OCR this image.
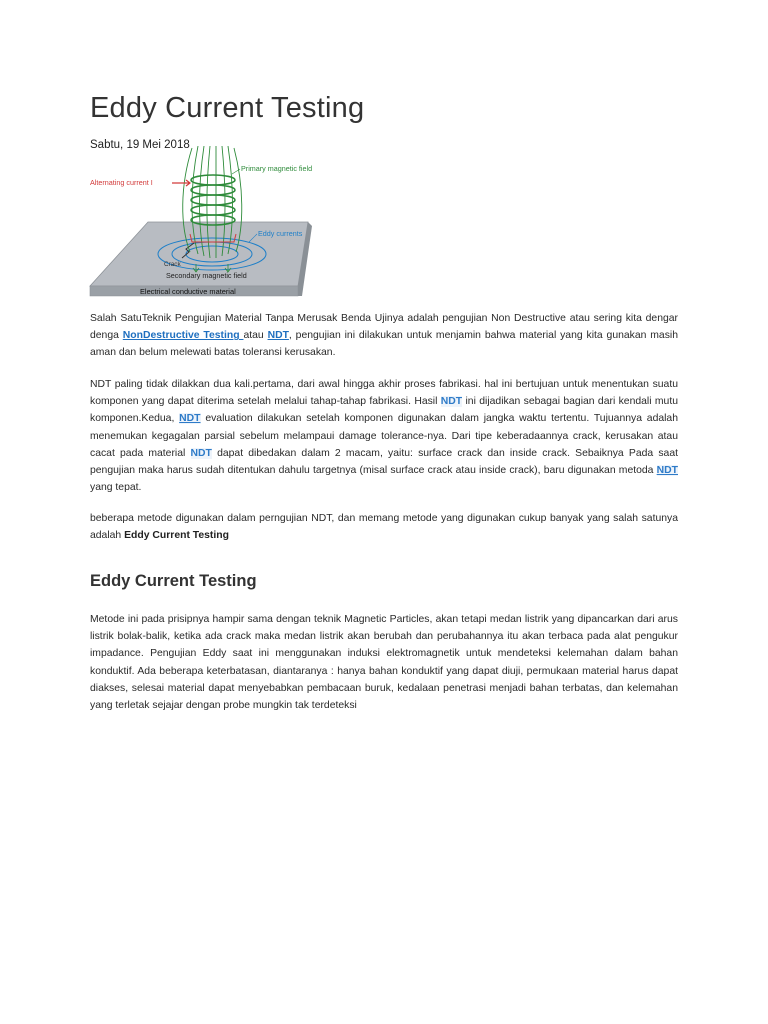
Eddy Current Testing
Sabtu, 19 Mei 2018
Alternating current I
Primary magnetic field
Eddy currents
Crack
Secondary magnetic field
Electrical conductive material

Salah SatuTeknik Pengujian Material Tanpa Merusak Benda Ujinya adalah pengujian Non Destructive atau sering kita dengar denga NonDestructive Testing atau NDT, pengujian ini dilakukan untuk menjamin bahwa material yang kita gunakan masih aman dan belum melewati batas toleransi kerusakan.

NDT paling tidak dilakkan dua kali.pertama, dari awal hingga akhir proses fabrikasi. hal ini bertujuan untuk menentukan suatu komponen yang dapat diterima setelah melalui tahap-tahap fabrikasi. Hasil NDT ini dijadikan sebagai bagian dari kendali mutu komponen.Kedua, NDT evaluation dilakukan setelah komponen digunakan dalam jangka waktu tertentu. Tujuannya adalah menemukan kegagalan parsial sebelum melampaui damage tolerance-nya. Dari tipe keberadaannya crack, kerusakan atau cacat pada material NDT dapat dibedakan dalam 2 macam, yaitu: surface crack dan inside crack. Sebaiknya Pada saat pengujian maka harus sudah ditentukan dahulu targetnya (misal surface crack atau inside crack), baru digunakan metoda NDT yang tepat.

beberapa metode digunakan dalam perngujian NDT, dan memang metode yang digunakan cukup banyak yang salah satunya adalah Eddy Current Testing

Eddy Current Testing

Metode ini pada prisipnya hampir sama dengan teknik Magnetic Particles, akan tetapi medan listrik yang dipancarkan dari arus listrik bolak-balik, ketika ada crack maka medan listrik akan berubah dan perubahannya itu akan terbaca pada alat pengukur impadance. Pengujian Eddy saat ini menggunakan induksi elektromagnetik untuk mendeteksi kelemahan dalam bahan konduktif. Ada beberapa keterbatasan, diantaranya : hanya bahan konduktif yang dapat diuji, permukaan material harus dapat diakses, selesai material dapat menyebabkan pembacaan buruk, kedalaan penetrasi menjadi bahan terbatas, dan kelemahan yang terletak sejajar dengan probe mungkin tak terdeteksi
